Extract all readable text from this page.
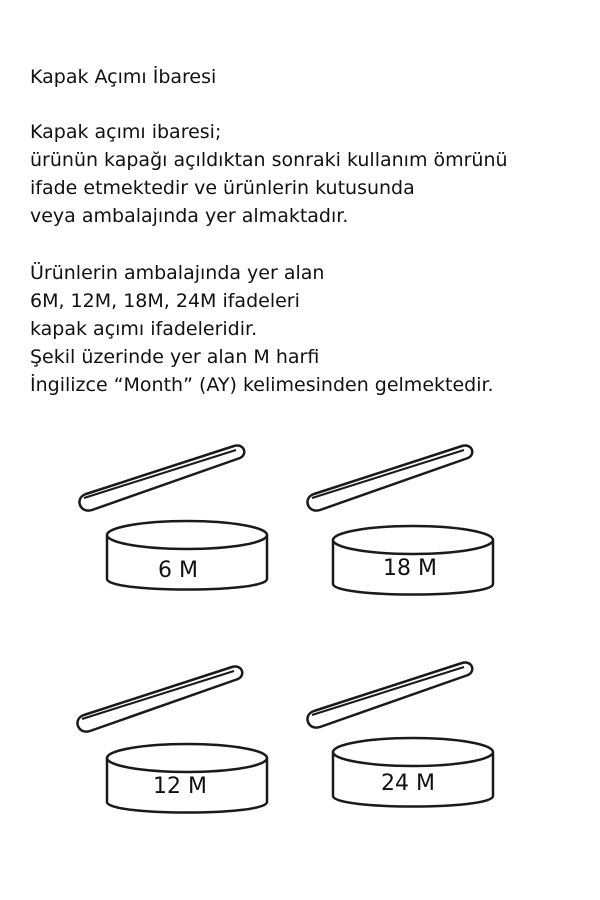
Kapak Açımı İbaresi
Kapak açımı ibaresi;
ürünün kapağı açıldıktan sonraki kullanım ömrünü
ifade etmektedir ve ürünlerin kutusunda
veya ambalajında yer almaktadır.
Ürünlerin ambalajında yer alan
6M, 12M, 18M, 24M ifadeleri
kapak açımı ifadeleridir.
Şekil üzerinde yer alan M harfi
İngilizce “Month” (AY) kelimesinden gelmektedir.
6 M	18 M
12 M	24 M
